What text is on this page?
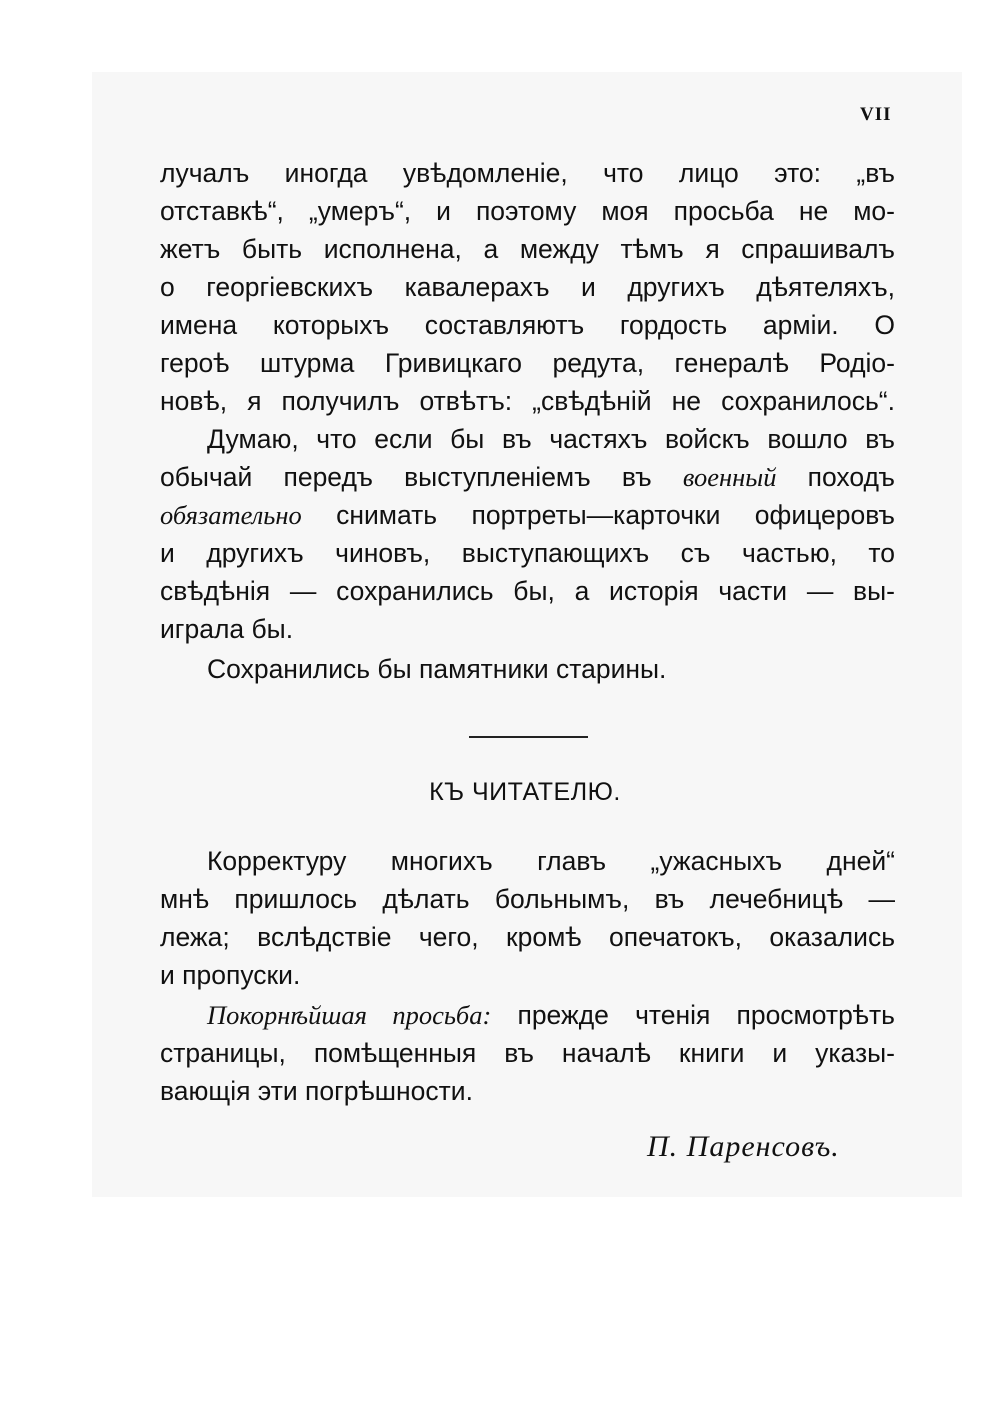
VII
лучалъ иногда увѣдомленіе, что лицо это: „въ
отставкѣ“, „умеръ“, и поэтому моя просьба не мо-
жетъ быть исполнена, а между тѣмъ я спрашивалъ
о георгіевскихъ кавалерахъ и другихъ дѣятеляхъ,
имена которыхъ составляютъ гордость арміи. О
героѣ штурма Гривицкаго редута, генералѣ Родіо-
новѣ, я получилъ отвѣтъ: „свѣдѣній не сохранилось“.
Думаю, что если бы въ частяхъ войскъ вошло въ
обычай передъ выступленіемъ въ военный походъ
обязательно снимать портреты—карточки офицеровъ
и другихъ чиновъ, выступающихъ съ частью, то
свѣдѣнія — сохранились бы, а исторія части — вы-
играла бы.
Сохранились бы памятники старины.
КЪ ЧИТАТЕЛЮ.
Корректуру многихъ главъ „ужасныхъ дней“
мнѣ пришлось дѣлать больнымъ, въ лечебницѣ —
лежа; вслѣдствіе чего, кромѣ опечатокъ, оказались
и пропуски.
Покорнѣйшая просьба: прежде чтенія просмотрѣть
страницы, помѣщенныя въ началѣ книги и указы-
вающія эти погрѣшности.
П. Паренсовъ.
